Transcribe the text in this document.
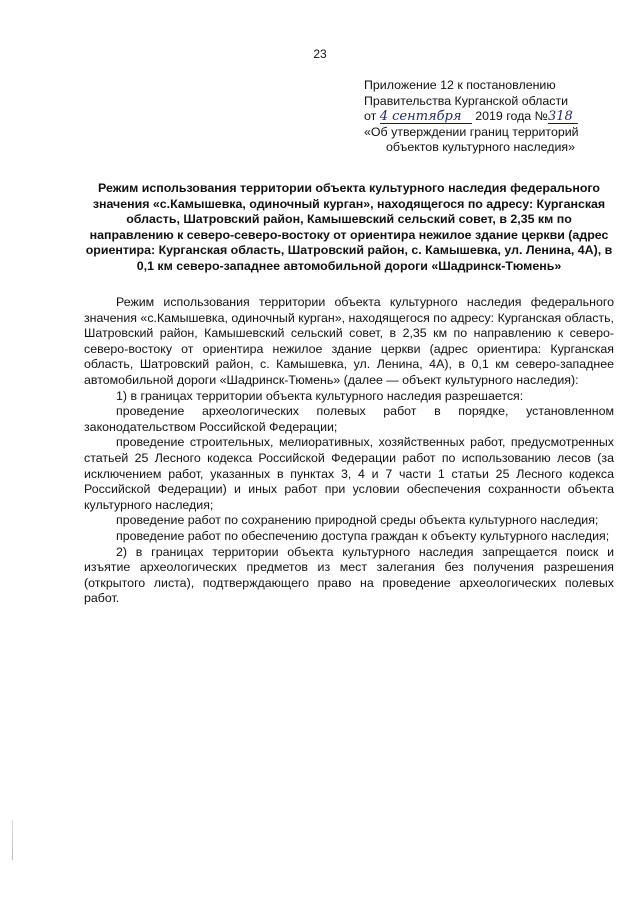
23
Приложение 12 к постановлению
Правительства Курганской области
от 4 сентября 2019 года №318
«Об утверждении границ территорий
объектов культурного наследия»
Режим использования территории объекта культурного наследия федерального значения «с.Камышевка, одиночный курган», находящегося по адресу: Курганская область, Шатровский район, Камышевский сельский совет, в 2,35 км по направлению к северо-северо-востоку от ориентира нежилое здание церкви (адрес ориентира: Курганская область, Шатровский район, с. Камышевка, ул. Ленина, 4А), в 0,1 км северо-западнее автомобильной дороги «Шадринск-Тюмень»

Режим использования территории объекта культурного наследия федерального значения «с.Камышевка, одиночный курган», находящегося по адресу: Курганская область, Шатровский район, Камышевский сельский совет, в 2,35 км по направлению к северо-северо-востоку от ориентира нежилое здание церкви (адрес ориентира: Курганская область, Шатровский район, с. Камышевка, ул. Ленина, 4А), в 0,1 км северо-западнее автомобильной дороги «Шадринск-Тюмень» (далее — объект культурного наследия):

1) в границах территории объекта культурного наследия разрешается:

проведение археологических полевых работ в порядке, установленном законодательством Российской Федерации;

проведение строительных, мелиоративных, хозяйственных работ, предусмотренных статьей 25 Лесного кодекса Российской Федерации работ по использованию лесов (за исключением работ, указанных в пунктах 3, 4 и 7 части 1 статьи 25 Лесного кодекса Российской Федерации) и иных работ при условии обеспечения сохранности объекта культурного наследия;

проведение работ по сохранению природной среды объекта культурного наследия;

проведение работ по обеспечению доступа граждан к объекту культурного наследия;

2) в границах территории объекта культурного наследия запрещается поиск и изъятие археологических предметов из мест залегания без получения разрешения (открытого листа), подтверждающего право на проведение археологических полевых работ.
